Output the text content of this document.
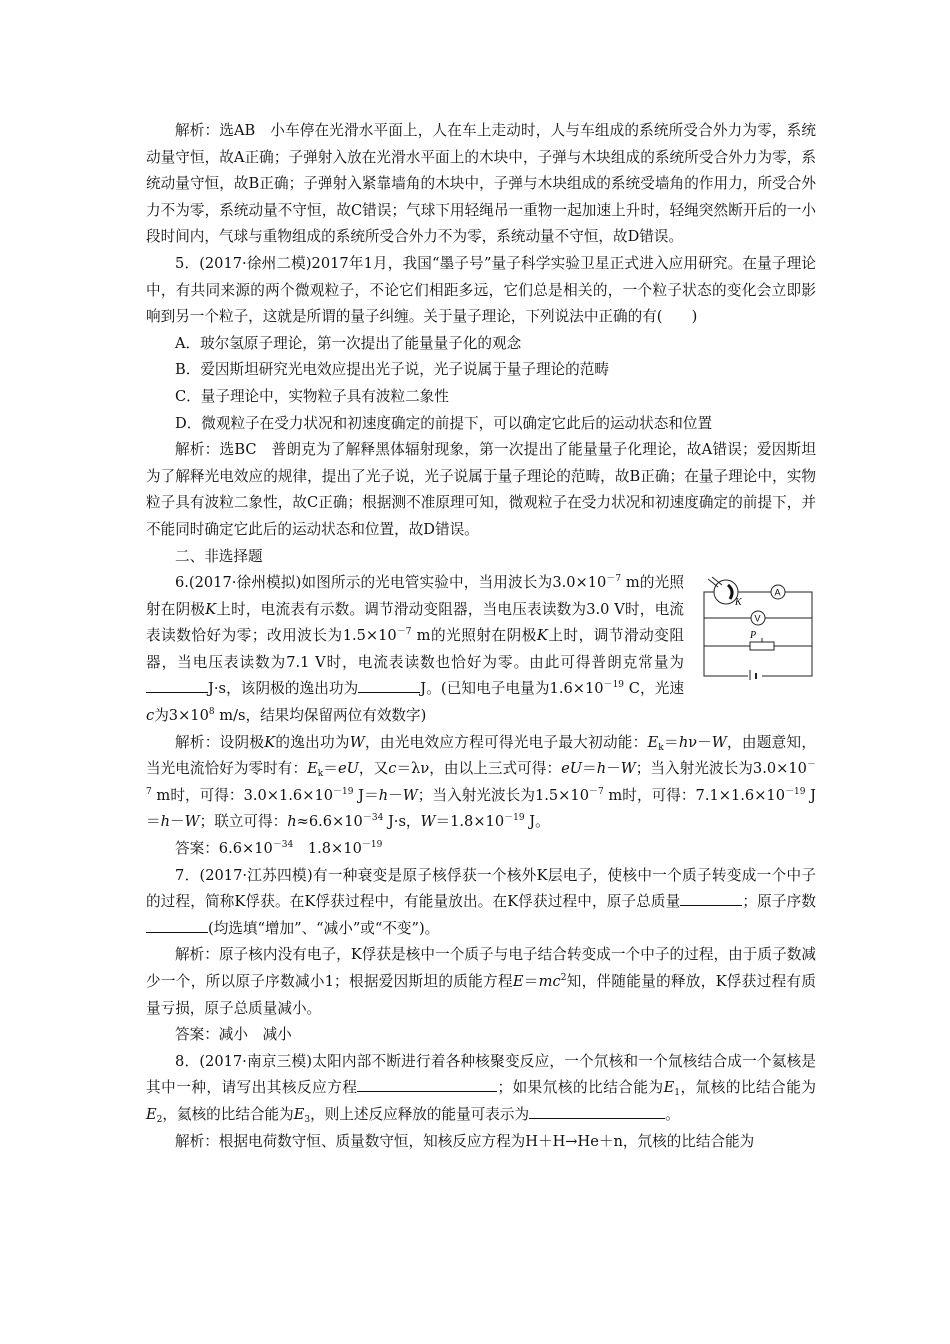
解析：选AB　小车停在光滑水平面上，人在车上走动时，人与车组成的系统所受合外力为零，系统动量守恒，故A正确；子弹射入放在光滑水平面上的木块中，子弹与木块组成的系统所受合外力为零，系统动量守恒，故B正确；子弹射入紧靠墙角的木块中，子弹与木块组成的系统受墙角的作用力，所受合外力不为零，系统动量不守恒，故C错误；气球下用轻绳吊一重物一起加速上升时，轻绳突然断开后的一小段时间内，气球与重物组成的系统所受合外力不为零，系统动量不守恒，故D错误。

5．(2017·徐州二模)2017年1月，我国“墨子号”量子科学实验卫星正式进入应用研究。在量子理论中，有共同来源的两个微观粒子，不论它们相距多远，它们总是相关的，一个粒子状态的变化会立即影响到另一个粒子，这就是所谓的量子纠缠。关于量子理论，下列说法中正确的有(　　)

A．玻尔氢原子理论，第一次提出了能量量子化的观念

B．爱因斯坦研究光电效应提出光子说，光子说属于量子理论的范畴

C．量子理论中，实物粒子具有波粒二象性

D．微观粒子在受力状况和初速度确定的前提下，可以确定它此后的运动状态和位置

解析：选BC　普朗克为了解释黑体辐射现象，第一次提出了能量量子化理论，故A错误；爱因斯坦为了解释光电效应的规律，提出了光子说，光子说属于量子理论的范畴，故B正确；在量子理论中，实物粒子具有波粒二象性，故C正确；根据测不准原理可知，微观粒子在受力状况和初速度确定的前提下，并不能同时确定它此后的运动状态和位置，故D错误。

二、非选择题

6.(2017·徐州模拟)如图所示的光电管实验中，当用波长为$3.0\times 10^{-7}$ m的光照射在阴极K上时，电流表有示数。调节滑动变阻器，当电压表读数为3.0 V时，电流表读数恰好为零；改用波长为$1.5\times 10^{-7}$ m的光照射在阴极K上时，调节滑动变阻器，当电压表读数为7.1 V时，电流表读数也恰好为零。由此可得普朗克常量为J·s，该阴极的逸出功为	J。(已知电子电量为$1.6\times 10^{-19}$ C，光速c为$3\times 10^8$ m/s，结果均保留两位有效数字)

K
A
V
P

解析：设阴极K的逸出功为W，由光电效应方程可得光电子最大初动能：$E_k=h\nu-W$，由题意知，当光电流恰好为零时有：$E_k=eU$，又c＝λν，由以上三式可得：eU＝h－W；当入射光波长为$3.0\times 10^{-7}$ m时，可得：$3.0\times 1.6\times 10^{-19}$ J＝h－W；当入射光波长为$1.5\times 10^{-7}$ m时，可得：$7.1\times 1.6\times 10^{-19}$ J＝h－W；联立可得：$h\approx 6.6\times 10^{-34}$ J·s，$W=1.8\times 10^{-19}$ J。

答案：$6.6\times 10^{-34}$　$1.8\times 10^{-19}$

7．(2017·江苏四模)有一种衰变是原子核俘获一个核外K层电子，使核中一个质子转变成一个中子的过程，简称K俘获。在K俘获过程中，有能量放出。在K俘获过程中，原子总质量	；原子序数(均选填“增加”、“减小”或“不变”)。

解析：原子核内没有电子，K俘获是核中一个质子与电子结合转变成一个中子的过程，由于质子数减少一个，所以原子序数减小1；根据爱因斯坦的质能方程$E=mc^2$知，伴随能量的释放，K俘获过程有质量亏损，原子总质量减小。

答案：减小　减小

8．(2017·南京三模)太阳内部不断进行着各种核聚变反应，一个氘核和一个氚核结合成一个氦核是其中一种，请写出其核反应方程	；如果氘核的比结合能为$E_1$，氚核的比结合能为$E_2$，氦核的比结合能为$E_3$，则上述反应释放的能量可表示为	。

解析：根据电荷数守恒、质量数守恒，知核反应方程为H＋H→He＋n，氘核的比结合能为
